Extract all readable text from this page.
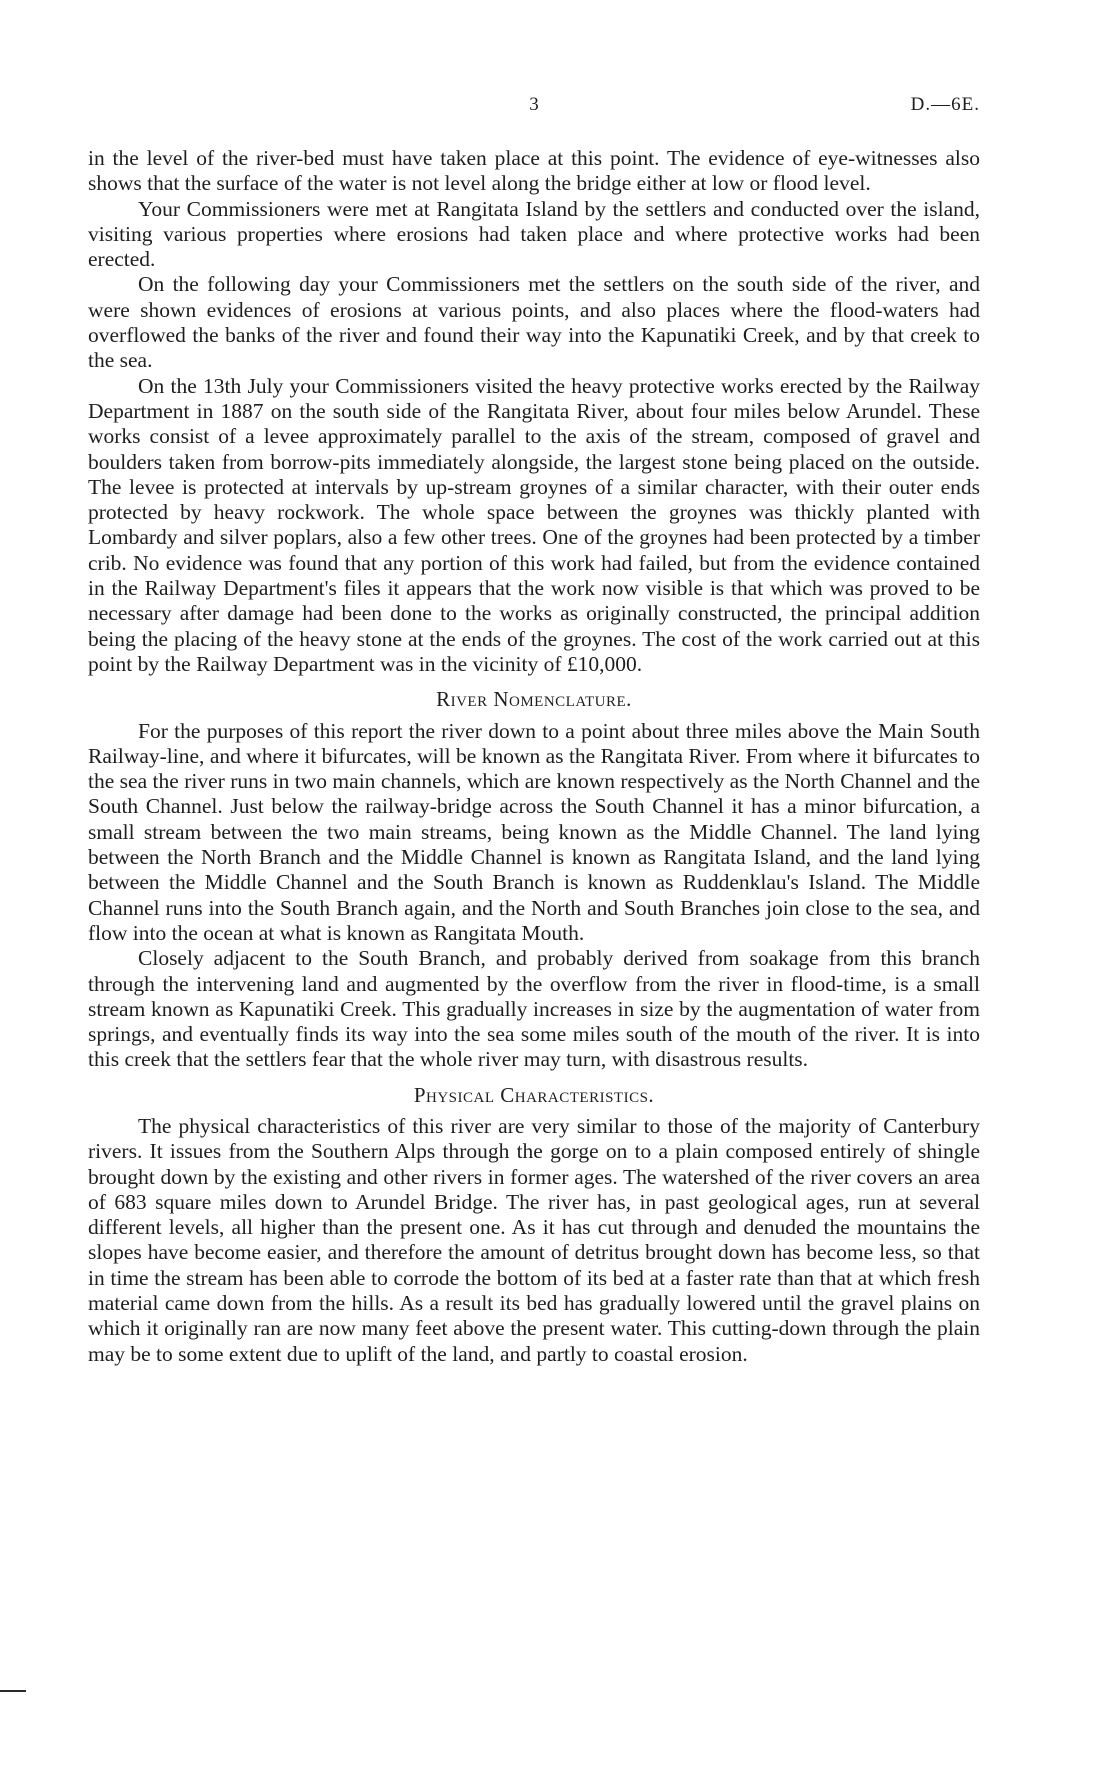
3	D.—6E.

in the level of the river-bed must have taken place at this point. The evidence of eye-witnesses also shows that the surface of the water is not level along the bridge either at low or flood level.

Your Commissioners were met at Rangitata Island by the settlers and conducted over the island, visiting various properties where erosions had taken place and where protective works had been erected.

On the following day your Commissioners met the settlers on the south side of the river, and were shown evidences of erosions at various points, and also places where the flood-waters had overflowed the banks of the river and found their way into the Kapunatiki Creek, and by that creek to the sea.

On the 13th July your Commissioners visited the heavy protective works erected by the Railway Department in 1887 on the south side of the Rangitata River, about four miles below Arundel. These works consist of a levee approximately parallel to the axis of the stream, composed of gravel and boulders taken from borrow-pits immediately alongside, the largest stone being placed on the outside. The levee is protected at intervals by up-stream groynes of a similar character, with their outer ends protected by heavy rockwork. The whole space between the groynes was thickly planted with Lombardy and silver poplars, also a few other trees. One of the groynes had been protected by a timber crib. No evidence was found that any portion of this work had failed, but from the evidence contained in the Railway Department's files it appears that the work now visible is that which was proved to be necessary after damage had been done to the works as originally constructed, the principal addition being the placing of the heavy stone at the ends of the groynes. The cost of the work carried out at this point by the Railway Department was in the vicinity of £10,000.

River Nomenclature.

For the purposes of this report the river down to a point about three miles above the Main South Railway-line, and where it bifurcates, will be known as the Rangitata River. From where it bifurcates to the sea the river runs in two main channels, which are known respectively as the North Channel and the South Channel. Just below the railway-bridge across the South Channel it has a minor bifurcation, a small stream between the two main streams, being known as the Middle Channel. The land lying between the North Branch and the Middle Channel is known as Rangitata Island, and the land lying between the Middle Channel and the South Branch is known as Ruddenklau's Island. The Middle Channel runs into the South Branch again, and the North and South Branches join close to the sea, and flow into the ocean at what is known as Rangitata Mouth.

Closely adjacent to the South Branch, and probably derived from soakage from this branch through the intervening land and augmented by the overflow from the river in flood-time, is a small stream known as Kapunatiki Creek. This gradually increases in size by the augmentation of water from springs, and eventually finds its way into the sea some miles south of the mouth of the river. It is into this creek that the settlers fear that the whole river may turn, with disastrous results.

Physical Characteristics.

The physical characteristics of this river are very similar to those of the majority of Canterbury rivers. It issues from the Southern Alps through the gorge on to a plain composed entirely of shingle brought down by the existing and other rivers in former ages. The watershed of the river covers an area of 683 square miles down to Arundel Bridge. The river has, in past geological ages, run at several different levels, all higher than the present one. As it has cut through and denuded the mountains the slopes have become easier, and therefore the amount of detritus brought down has become less, so that in time the stream has been able to corrode the bottom of its bed at a faster rate than that at which fresh material came down from the hills. As a result its bed has gradually lowered until the gravel plains on which it originally ran are now many feet above the present water. This cutting-down through the plain may be to some extent due to uplift of the land, and partly to coastal erosion.
